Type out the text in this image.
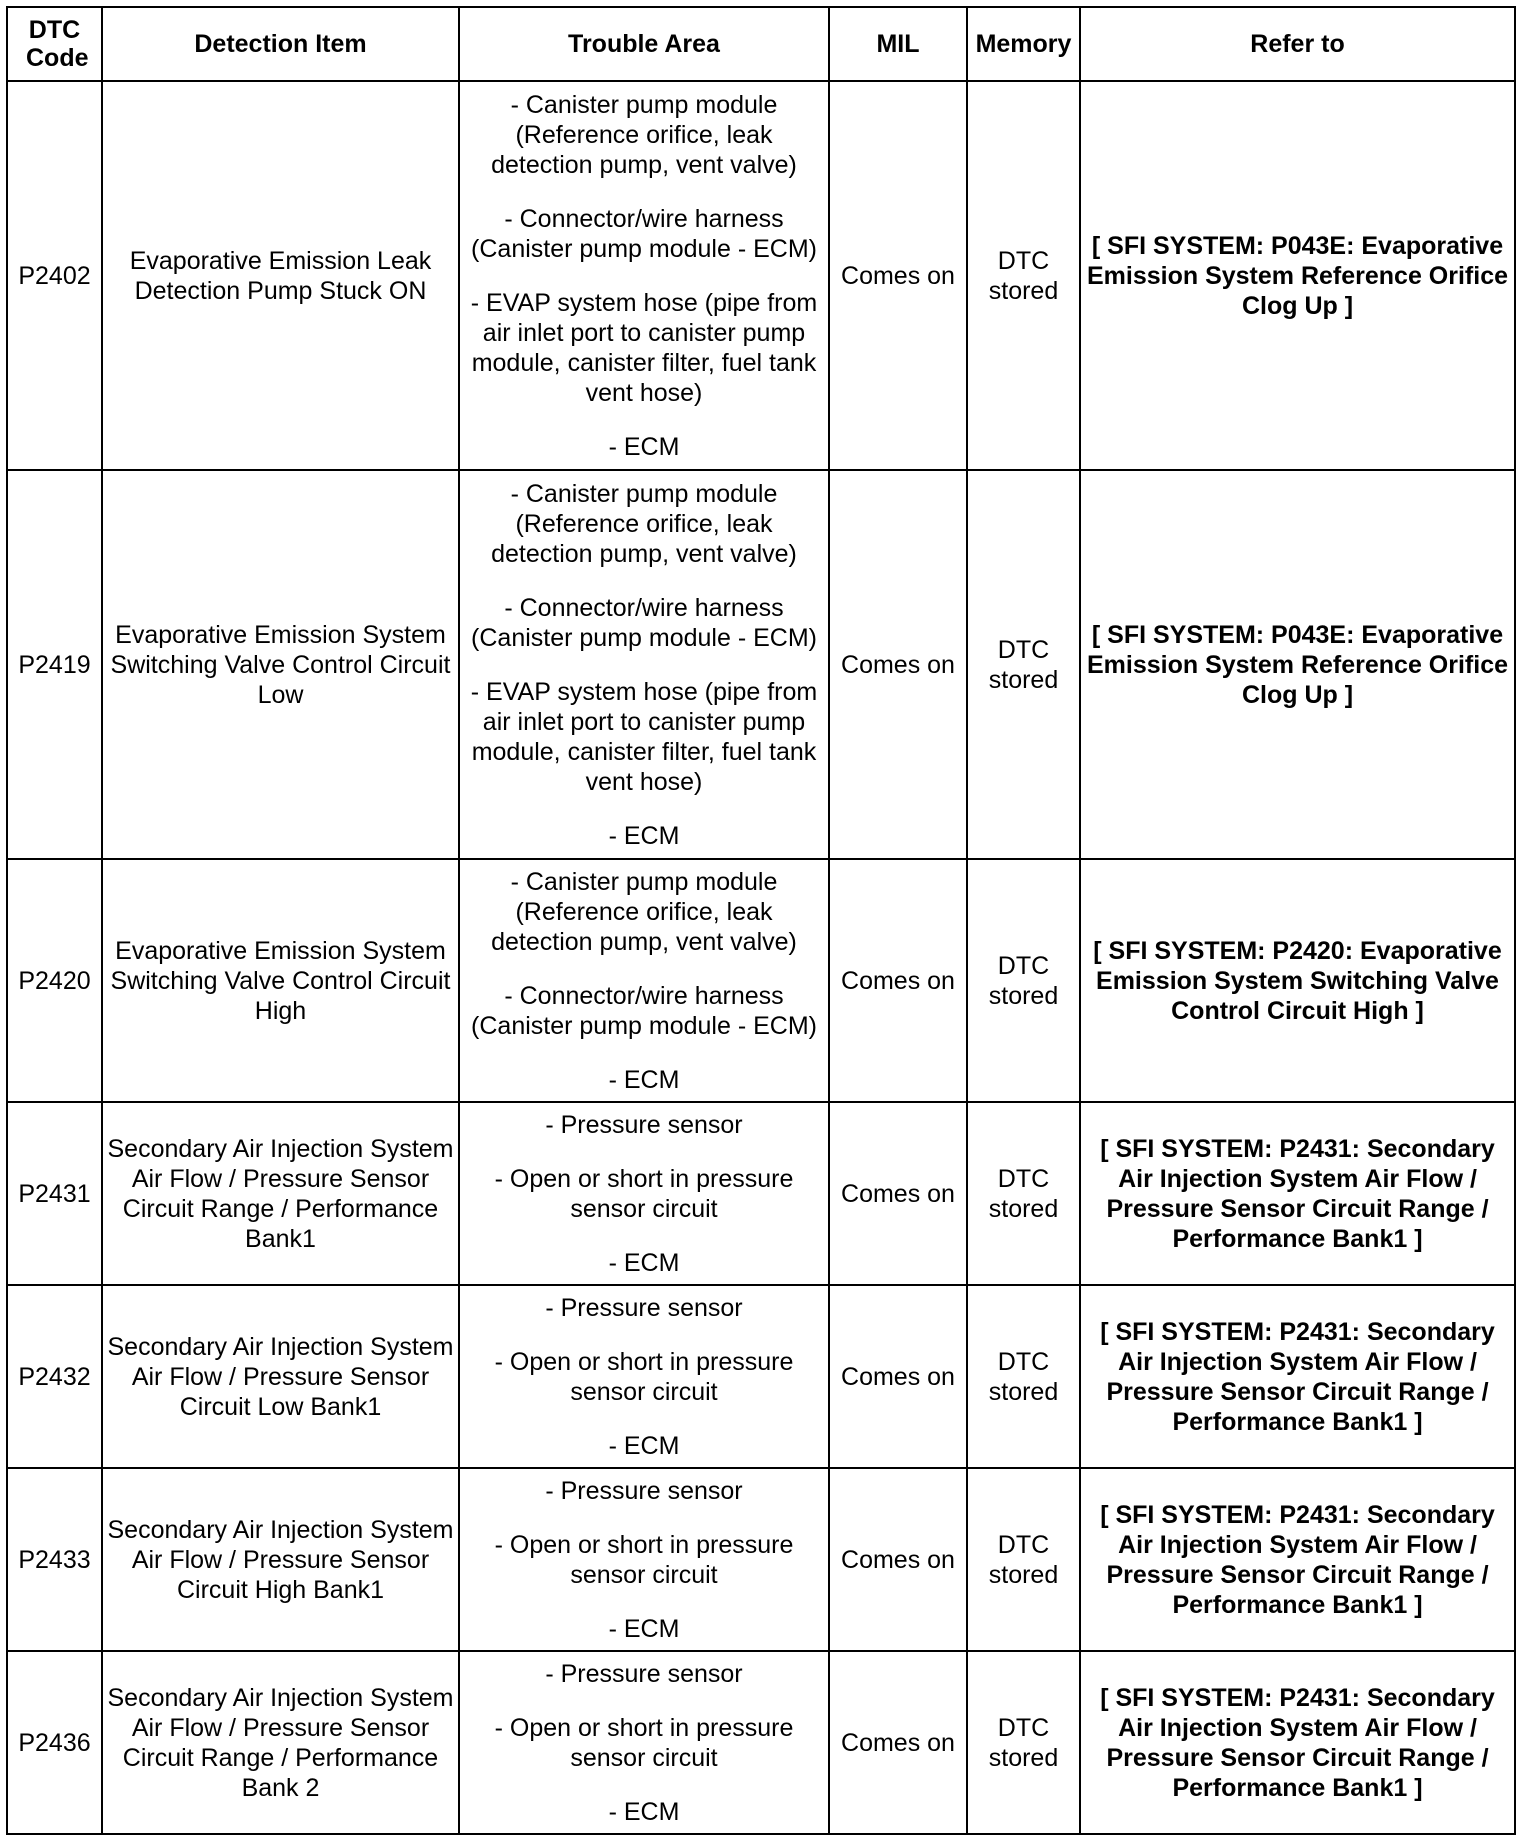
DTC Code	Detection Item	Trouble Area	MIL	Memory	Refer to
P2402	Evaporative Emission Leak Detection Pump Stuck ON	- Canister pump module (Reference orifice, leak detection pump, vent valve)
- Connector/wire harness (Canister pump module - ECM)
- EVAP system hose (pipe from air inlet port to canister pump module, canister filter, fuel tank vent hose)
- ECM	Comes on	DTC stored	[ SFI SYSTEM: P043E: Evaporative Emission System Reference Orifice Clog Up ]
P2419	Evaporative Emission System Switching Valve Control Circuit Low	- Canister pump module (Reference orifice, leak detection pump, vent valve)
- Connector/wire harness (Canister pump module - ECM)
- EVAP system hose (pipe from air inlet port to canister pump module, canister filter, fuel tank vent hose)
- ECM	Comes on	DTC stored	[ SFI SYSTEM: P043E: Evaporative Emission System Reference Orifice Clog Up ]
P2420	Evaporative Emission System Switching Valve Control Circuit High	- Canister pump module (Reference orifice, leak detection pump, vent valve)
- Connector/wire harness (Canister pump module - ECM)
- ECM	Comes on	DTC stored	[ SFI SYSTEM: P2420: Evaporative Emission System Switching Valve Control Circuit High ]
P2431	Secondary Air Injection System Air Flow / Pressure Sensor Circuit Range / Performance Bank1	- Pressure sensor
- Open or short in pressure sensor circuit
- ECM	Comes on	DTC stored	[ SFI SYSTEM: P2431: Secondary Air Injection System Air Flow / Pressure Sensor Circuit Range / Performance Bank1 ]
P2432	Secondary Air Injection System Air Flow / Pressure Sensor Circuit Low Bank1	- Pressure sensor
- Open or short in pressure sensor circuit
- ECM	Comes on	DTC stored	[ SFI SYSTEM: P2431: Secondary Air Injection System Air Flow / Pressure Sensor Circuit Range / Performance Bank1 ]
P2433	Secondary Air Injection System Air Flow / Pressure Sensor Circuit High Bank1	- Pressure sensor
- Open or short in pressure sensor circuit
- ECM	Comes on	DTC stored	[ SFI SYSTEM: P2431: Secondary Air Injection System Air Flow / Pressure Sensor Circuit Range / Performance Bank1 ]
P2436	Secondary Air Injection System Air Flow / Pressure Sensor Circuit Range / Performance Bank 2	- Pressure sensor
- Open or short in pressure sensor circuit
- ECM	Comes on	DTC stored	[ SFI SYSTEM: P2431: Secondary Air Injection System Air Flow / Pressure Sensor Circuit Range / Performance Bank1 ]
